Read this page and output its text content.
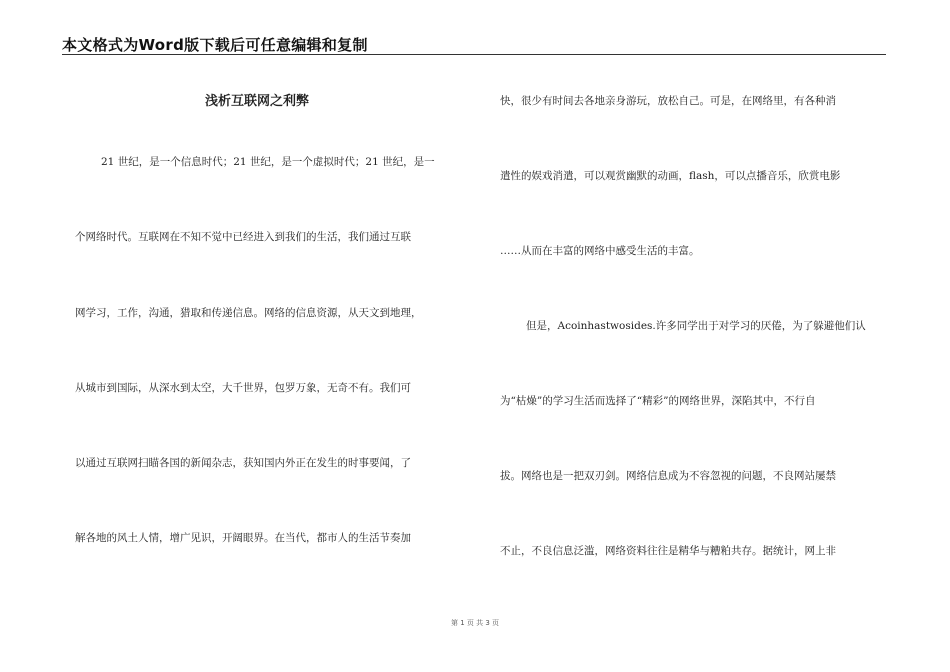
本文格式为Word版下载后可任意编辑和复制
浅析互联网之利弊
21 世纪，是一个信息时代；21 世纪，是一个虚拟时代；21 世纪，是一
个网络时代。互联网在不知不觉中已经进入到我们的生活，我们通过互联
网学习，工作，沟通，猎取和传递信息。网络的信息资源，从天文到地理，
从城市到国际，从深水到太空，大千世界，包罗万象，无奇不有。我们可
以通过互联网扫瞄各国的新闻杂志，获知国内外正在发生的时事要闻，了
解各地的风土人情，增广见识，开阔眼界。在当代，都市人的生活节奏加
快，很少有时间去各地亲身游玩，放松自己。可是，在网络里，有各种消
遣性的娱戏消遣，可以观赏幽默的动画，flash，可以点播音乐，欣赏电影
……从而在丰富的网络中感受生活的丰富。
但是，Acoinhastwosides.许多同学出于对学习的厌倦，为了躲避他们认
为“枯燥”的学习生活而选择了“精彩”的网络世界，深陷其中，不行自
拔。网络也是一把双刃剑。网络信息成为不容忽视的问题，不良网站屡禁
不止，不良信息泛滥，网络资料往往是精华与糟粕共存。据统计，网上非
第 1 页 共 3 页
